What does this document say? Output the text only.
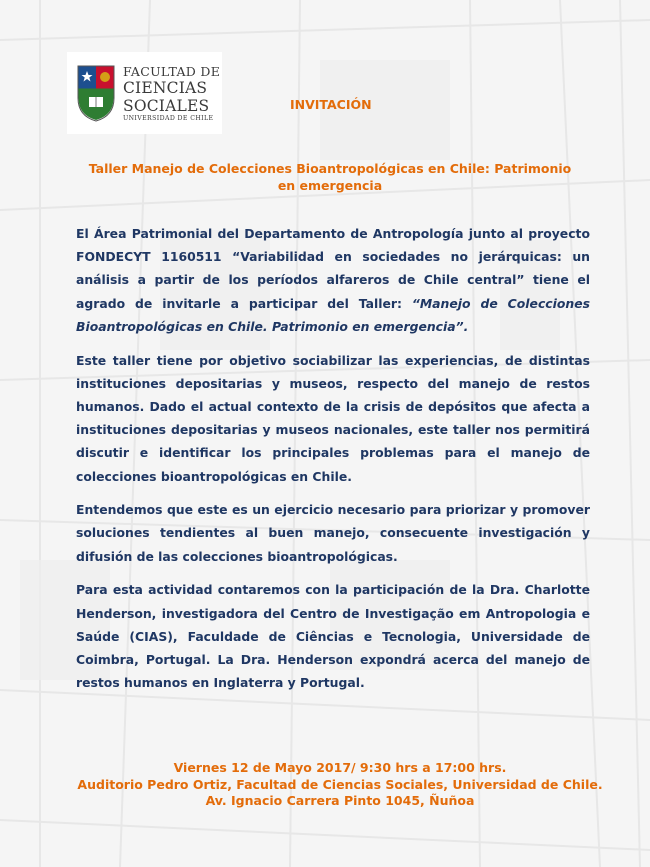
FACULTAD DE
CIENCIAS
SOCIALES
UNIVERSIDAD DE CHILE
INVITACIÓN
Taller Manejo de Colecciones Bioantropológicas en Chile: Patrimonio en emergencia

El Área Patrimonial del Departamento de Antropología junto al proyecto FONDECYT 1160511 “Variabilidad en sociedades no jerárquicas: un análisis a partir de los períodos alfareros de Chile central” tiene el agrado de invitarle a participar del Taller: “Manejo de Colecciones Bioantropológicas en Chile. Patrimonio en emergencia”.

Este taller tiene por objetivo sociabilizar las experiencias, de distintas instituciones depositarias y museos, respecto del manejo de restos humanos. Dado el actual contexto de la crisis de depósitos que afecta a instituciones depositarias y museos nacionales, este taller nos permitirá discutir e identificar los principales problemas para el manejo de colecciones bioantropológicas en Chile.

Entendemos que este es un ejercicio necesario para priorizar y promover soluciones tendientes al buen manejo, consecuente investigación y difusión de las colecciones bioantropológicas.

Para esta actividad contaremos con la participación de la Dra. Charlotte Henderson, investigadora del Centro de Investigação em Antropologia e Saúde (CIAS), Faculdade de Ciências e Tecnologia, Universidade de Coimbra, Portugal. La Dra. Henderson expondrá acerca del manejo de restos humanos en Inglaterra y Portugal.

Viernes 12 de Mayo 2017/ 9:30 hrs a 17:00 hrs.
Auditorio Pedro Ortiz, Facultad de Ciencias Sociales, Universidad de Chile.
Av. Ignacio Carrera Pinto 1045, Ñuñoa
